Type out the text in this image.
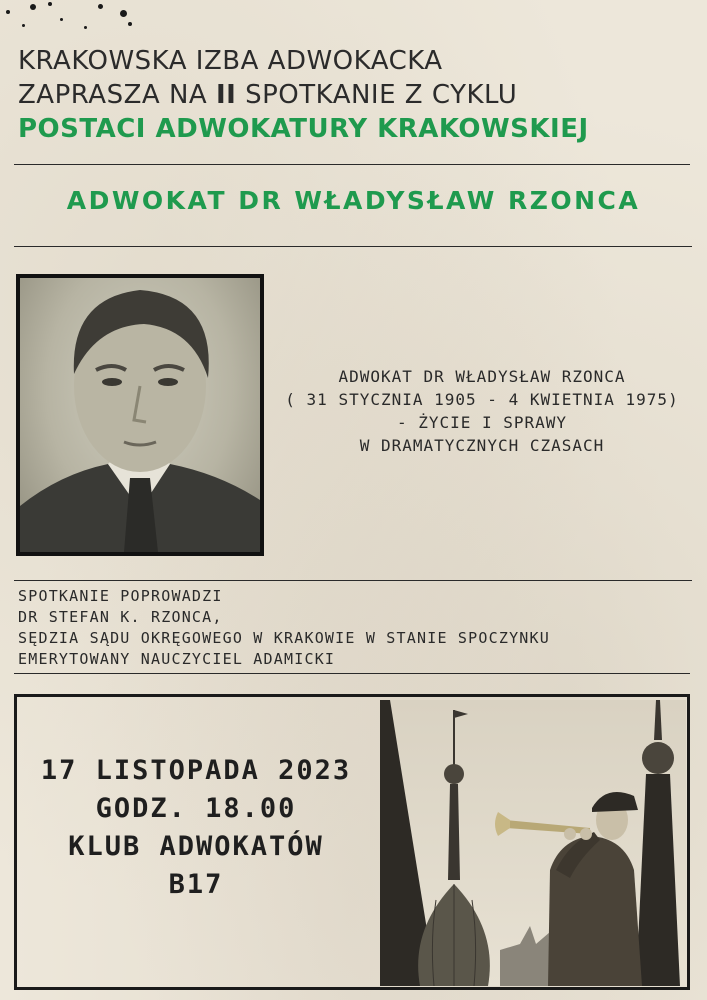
KRAKOWSKA IZBA ADWOKACKA
ZAPRASZA NA II SPOTKANIE Z CYKLU
POSTACI ADWOKATURY KRAKOWSKIEJ
ADWOKAT DR WŁADYSŁAW RZONCA
ADWOKAT DR WŁADYSŁAW RZONCA
( 31 STYCZNIA 1905 - 4 KWIETNIA 1975)
- ŻYCIE I SPRAWY
W DRAMATYCZNYCH CZASACH
SPOTKANIE POPROWADZI
DR STEFAN K. RZONCA,
SĘDZIA SĄDU OKRĘGOWEGO W KRAKOWIE W STANIE SPOCZYNKU
EMERYTOWANY NAUCZYCIEL ADAMICKI
17 LISTOPADA 2023
GODZ. 18.00
KLUB ADWOKATÓW
B17
